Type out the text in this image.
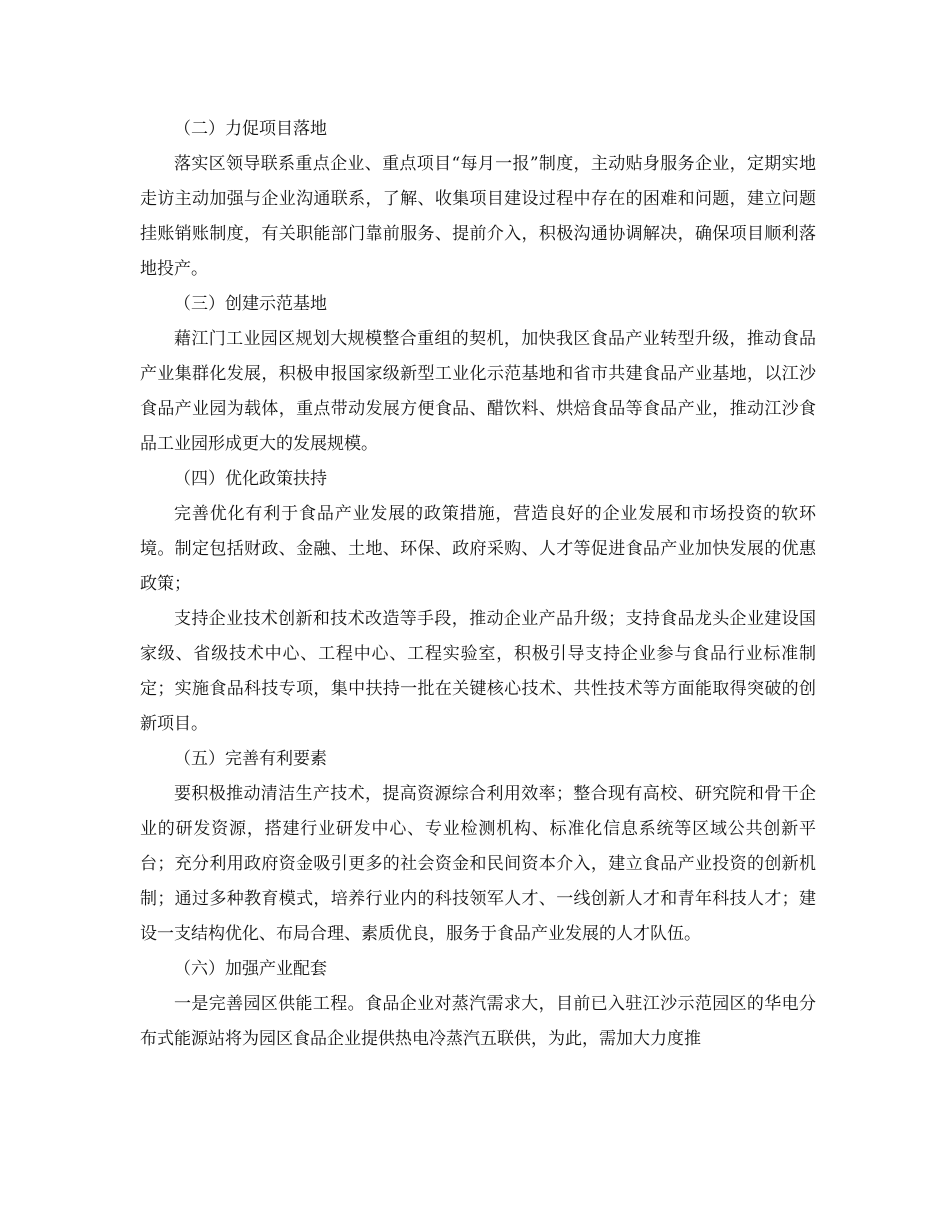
（二）力促项目落地

落实区领导联系重点企业、重点项目“每月一报”制度，主动贴身服务企业，定期实地走访主动加强与企业沟通联系，了解、收集项目建设过程中存在的困难和问题，建立问题挂账销账制度，有关职能部门靠前服务、提前介入，积极沟通协调解决，确保项目顺利落地投产。

（三）创建示范基地

藉江门工业园区规划大规模整合重组的契机，加快我区食品产业转型升级，推动食品产业集群化发展，积极申报国家级新型工业化示范基地和省市共建食品产业基地，以江沙食品产业园为载体，重点带动发展方便食品、醋饮料、烘焙食品等食品产业，推动江沙食品工业园形成更大的发展规模。

（四）优化政策扶持

完善优化有利于食品产业发展的政策措施，营造良好的企业发展和市场投资的软环境。制定包括财政、金融、土地、环保、政府采购、人才等促进食品产业加快发展的优惠政策；

支持企业技术创新和技术改造等手段，推动企业产品升级；支持食品龙头企业建设国家级、省级技术中心、工程中心、工程实验室，积极引导支持企业参与食品行业标准制定；实施食品科技专项，集中扶持一批在关键核心技术、共性技术等方面能取得突破的创新项目。

（五）完善有利要素

要积极推动清洁生产技术，提高资源综合利用效率；整合现有高校、研究院和骨干企业的研发资源，搭建行业研发中心、专业检测机构、标准化信息系统等区域公共创新平台；充分利用政府资金吸引更多的社会资金和民间资本介入，建立食品产业投资的创新机制；通过多种教育模式，培养行业内的科技领军人才、一线创新人才和青年科技人才；建设一支结构优化、布局合理、素质优良，服务于食品产业发展的人才队伍。

（六）加强产业配套

一是完善园区供能工程。食品企业对蒸汽需求大，目前已入驻江沙示范园区的华电分布式能源站将为园区食品企业提供热电冷蒸汽五联供，为此，需加大力度推
